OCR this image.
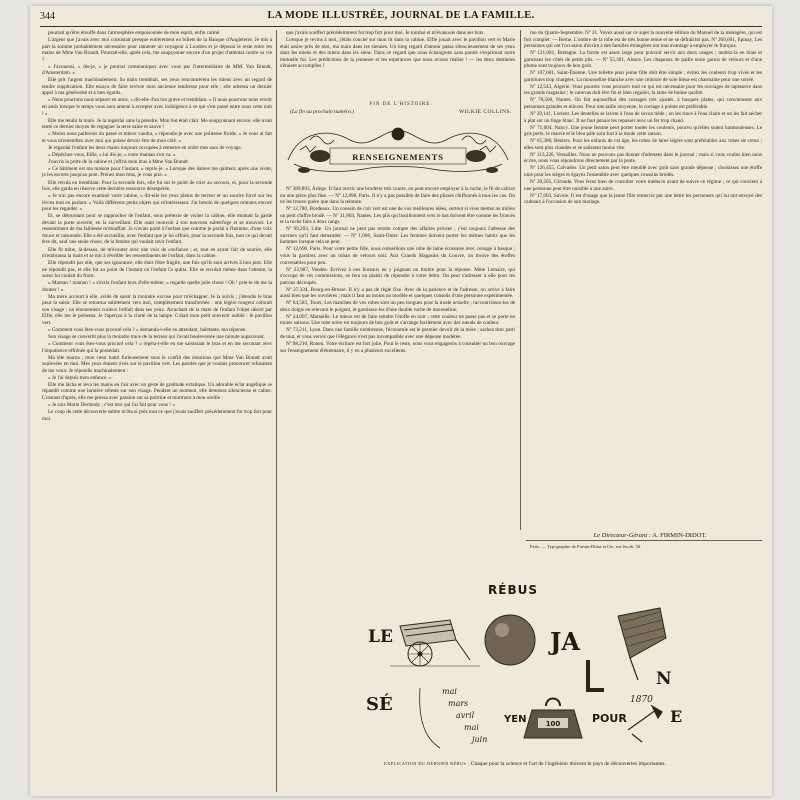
344	LA MODE ILLUSTRÉE, JOURNAL DE LA FAMILLE.

pourrait qu'être étouffé dans l'atmosphère empoisonnée de mon esprit, enfin calmé.

L'argent que j'avais avec moi consistait presque entièrement en billets de la Banque d'Angleterre. Je mis à part la somme probablement nécessaire pour ramener un voyageur à Londres et je déposai le reste entre les mains de Mme Van Brandt. Pourrait-elle, après cela, me soupçonner encore d'un projet d'attentat contre sa vie ?

« J'avouerai, » dis-je, « je pourrai communiquer avec vous par l'intermédiaire de MM. Van Brandt, d'Amsterdam. »

Elle prit l'argent machinalement. Sa main tremblait, ses yeux rencontrèrent les miens avec un regard de tendre supplication. Elle essaya de faire revivre mon ancienne tendresse pour elle ; elle adressa un dernier appel à ma générosité et à mes égards.

« Nous pourrons nous séparer en amis, » dit-elle d'un ton grave et tremblant. « Il nous pourrons nous revoir en amis lorsque le temps vous aura amené à accepter avec indulgence à ce qui s'est passé entre nous cette nuit ! »

Elle me tendit la main. Je la regardai sans la prendre. Mon but était clair. Me soupçonnant encore, elle avait tenté ce dernier moyen de regagner la terre saine et sauve !

« Moins nous parlerons du passé et mieux vaudra, » répondis-je avec une politesse froide. « Je vous ai fait et vous m'entendrez avec moi qui puisse devoir être de mon côté. »

Je regardai l'enfant les deux mains toujours occupées à remettre en ordre mes sacs de voyage.

« Dépêchez-vous, Elfie, » lui dis-je, « votre maman s'en va. »

J'ouvris la porte de la cabine et j'offris mon bras à Mme Van Brandt.

« Ce bâtiment est ma maison pour l'instant, » repris-je. « Lorsque des dames me quittent, après une visite, je les escorte jusqu'au pont. Prenez mon bras, je vous prie. »

Elle recula en tremblant. Pour la seconde fois, elle fut sur le point de crier au secours, et, pour la seconde fois, elle garda en réserve cette dernière ressource désespérée.

« Je n'ai pas encore examiné votre cabine, » dit-elle les yeux pleins de terreur et un sourire forcé sur les lèvres tout en parlant. « Voilà différents petits objets qui m'intéressent. J'ai besoin de quelques minutes encore pour les regarder. »

Et, se détournant pour se rapprocher de l'enfant, sous prétexte de visiter la cabine, elle montait la garde devant la porte ouverte, en la surveillant. Elle osait mouvoir à son nouveau subterfuge et se mouvoir. Le ressentiment de ma faiblesse m'étouffait. Je n'avais parlé à l'enfant que comme je parlai à l'homme, d'une voix douce et raisonnée. Elle a été accueillie, avec l'enfant que je lui offrais, pour la seconde fois, tout ce qui devait être dit, sauf une seule chose, de la femme qui voulait ravir l'enfant.

Elle fit mine, là-dessus, de m'écouter avec une voix de confiance ; et, tout en ayant l'air de sourire, elle m'embrassa la main et se mit à réveiller les ressentiments de l'enfant, dans la cabine.

Elle répondit par elle, que ses ignorance, elle était l'être fragile, une fois qu'ils sont arrivés à bon port. Elle ne répondit pas, et elle fut au point de l'instant où l'enfant l'a quitta. Elle se reculait même dans l'attente, la sueur lui coulait du front.

« Maman ! maman ! » s'écria l'enfant hors d'elle-même, « regarde quelle jolie chose ! Oh ! prie-le de me la donner ! »

Ma mère accourt à elle, avide de saisir la moindre excuse pour m'échapper. Je la suivis ; j'étendis le bras pour la saisir. Elle se retourna subitement vers moi, complètement transformée : une légère rougeur colorait son visage ; un étonnement curieux brillait dans ses yeux. Arrachant de la main de l'enfant l'objet désiré par Elfie, elle me le présenta. Je l'aperçus à la clarté de la lampe. C'était mon petit souvenir oublié : le pavillon vert.

« Comment vous êtes-vous procuré cela ? » demanda-t-elle en attendant, haletante, ma réponse.

Son visage se convertit plus la moindre trace de la terreur qui l'avait bouleversée une minute auparavant.

« Comment vous êtes-vous procuré cela ? » répéta-t-elle en me saisissant le bras et en me secouant avec l'impatience effrénée qui la possédait.

Ma tête tourna ; mon cœur battit furieusement sous le conflit des émotions que Mme Van Brandt avait soulevées en moi. Mes yeux étaient rivés sur le pavillon vert. Les paroles que je voulais prononcer refusaient de me venir. Je répondis machinalement :

« Je l'ai depuis mon enfance. »

Elle me lâcha et leva les mains en l'air avec un geste de gratitude extatique. Un adorable éclat angélique se répandit comme une lumière céleste sur son visage. Pendant un moment, elle demeura silencieuse et calme. L'instant d'après, elle me pressa avec passion sur sa poitrine et murmura à mon oreille :

« Je suis Marie Dermody ; c'est moi qui l'ai fait pour vous ! »

Le coup de cette découverte subite m'ôta si près tout ce que j'avais souffert précédemment fut trop fort pour moi.

que j'avais souffert précédemment fut trop fort pour moi. Je tombai et m'évanouis dans ses bras.

Lorsque je revins à moi, j'étais couché sur mon lit dans la cabine. Elfie jouait avec le pavillon vert et Marie était assise près de moi, ma main dans les siennes. Un long regard d'amour passa silencieusement de ses yeux dans les miens et des miens dans les siens. Dans ce regard que nous échangions sans parole s'exprimait notre mutuelle foi. Les prédictions de la jeunesse et les espérances que nous avions réalisé ! — les deux destinées s'étaient accomplies !

FIN DE L'HISTOIRE.
(La fin au prochain numéro.)	WILKIE COLLINS.
RENSEIGNEMENTS

Nº 389,893, Ariège. Il faut ouvrir une broderie très courte, on peut encore employer à la ruche, le fil de calicot ou une pièce plus fine. — Nº 12,898, Paris. Il n'y a pas possible de faire des plissés chiffonnés à tous les cas. On ne les trouve guère que dans la teinture.

Nº 12,780, Bordeaux. Un coussin de cuir vert est une de vos meilleures idées, surtout si vous mettez au milieu un petit chiffre brodé. — Nº 31,803, Nantes. Les plis qui bouillonnent vers le bas doivent être comme les fronces et la ruche faits à deux rangs.

Nº 99,203, Lille. Un journal ne peut pas rendre compte des affaires privées ; c'est toujours l'adresse des ouvriers qu'il faut demander. — Nº 1,006, Saint-Omer. Les femmes doivent porter les mêmes habits que les hommes lorsque cela se peut.

Nº 12,696, Paris. Pour votre petite fille, nous conseillons une robe de laine écossaise avec corsage à basque ; vous la garnirez avec un ruban de velours noir. Aux Grands Magasins du Louvre, on trouve des étoffes convenables pour peu.

Nº 23,987, Vendée. Ecrivez à nos bureaux en y joignant un timbre pour la réponse. Mme Lemaire, qui s'occupe de ces commissions, se fera un plaisir de répondre à votre lettre. On peut s'adresser à elle pour les patrons découpés.

Nº 27,334, Bourg-en-Bresse. Il n'y a pas de règle fixe. Avec de la patience et de l'adresse, on arrive à faire aussi bien que les ouvrières ; mais il faut au moins un modèle et quelques conseils d'une personne expérimentée.

Nº 64,583, Tours. Les manches de vos robes sont un peu longues pour la mode actuelle ; raccourcissez-les de deux doigts en relevant le poignet, et garnissez-les d'une double ruche de mousseline.

Nº 24,097, Marseille. Le mieux est de faire teindre l'étoffe en noir ; cette couleur ne passe pas et se porte en toutes saisons. Une robe noire est toujours de bon goût et s'arrange facilement avec des nœuds de couleur.

Nº 73,211, Lyon. Dans une famille nombreuse, l'économie est le premier devoir de la mère ; sachez tirer parti de tout, et vous verrez que l'élégance n'est pas incompatible avec une dépense modérée.

Nº 98,210, Rouen. Votre écriture est fort jolie. Pour le reste, nous vous engageons à consulter un bon ouvrage sur l'enseignement élémentaire, il y en a plusieurs excellents.

rue du Quatre-Septembre. Nº 31. Voyez aussi sur ce sujet la nouvelle édition du Manuel de la ménagère, qui est fort complet. — Berne. L'ombre de la robe est de très bonne tenue et ne se défraîchit pas. Nº 260,601, Epinay. Les personnes qui ont l'occasion d'écrire à des familles étrangères ont tout avantage à employer le français.

Nº 121,081, Bretagne. La forme est assez large pour pouvoir servir aux deux usages ; mettez-la en biais et garnissez les côtés de petits plis. — Nº 55,301, Alsace. Les chapeaux de paille noire garnis de velours et d'une plume sont toujours de bon goût.

Nº 107,601, Saint-Étienne. Une toilette pour jeune fille doit être simple ; évitez les couleurs trop vives et les garnitures trop chargées. La mousseline blanche avec une ceinture de soie bleue est charmante pour une soirée.

Nº 12,543, Algérie. Vous pourrez vous procurer tout ce qui est nécessaire pour les ouvrages de tapisserie dans les grands magasins ; le canevas doit être fin et bien régulier, la laine de bonne qualité.

Nº 78,500, Nantes. On fait aujourd'hui des corsages très ajustés, à basques plates, qui conviennent aux personnes grandes et minces. Pour une taille moyenne, le corsage à pointe est préférable.

Nº 39,141, Lorient. Les dentelles se lavent à l'eau de savon tiède ; on les rince à l'eau claire et on les fait sécher à plat sur un linge blanc. Il ne faut jamais les repasser avec un fer trop chaud.

Nº 71,004, Nancy. Une jeune femme peut porter toutes les couleurs, pourvu qu'elles soient harmonieuses. Le gris perle, le mauve et le bleu pâle sont fort à la mode cette saison.

Nº 65,380, Béziers. Pour les enfants de cet âge, les robes de laine légère sont préférables aux robes de coton ; elles sont plus chaudes et se salissent moins vite.

Nº 113,226, Versailles. Nous ne pouvons pas donner d'adresses dans le journal ; mais si vous voulez bien nous écrire, nous vous répondrons directement par la poste.

Nº 126,455, Calvados. Un petit salon peut être meublé avec goût sans grande dépense ; choisissez une étoffe unie pour les sièges et égayez l'ensemble avec quelques coussins brodés.

Nº 20,505, Gironde. Vous ferez bien de consulter votre médecin avant de suivre ce régime ; ce qui convient à une personne peut être nuisible à une autre.

Nº 17,603, Savoie. Il est d'usage que la jeune fille remercie par une lettre les personnes qui lui ont envoyé des cadeaux à l'occasion de son mariage.

Le Directeur-Gérant : A. FIRMIN-DIDOT.
Paris. — Typographie de Firmin-Didot et Cie, rue Jacob, 56.
RÉBUS
LE	JA
N
SÉ
mai
mars
avril
mai
juin
YEN	100	POUR
1870
E
EXPLICATION DU DERNIER RÉBUS : Chaque pour la science et l'art de l'ingénieur doivent le pays de découvertes importantes.
